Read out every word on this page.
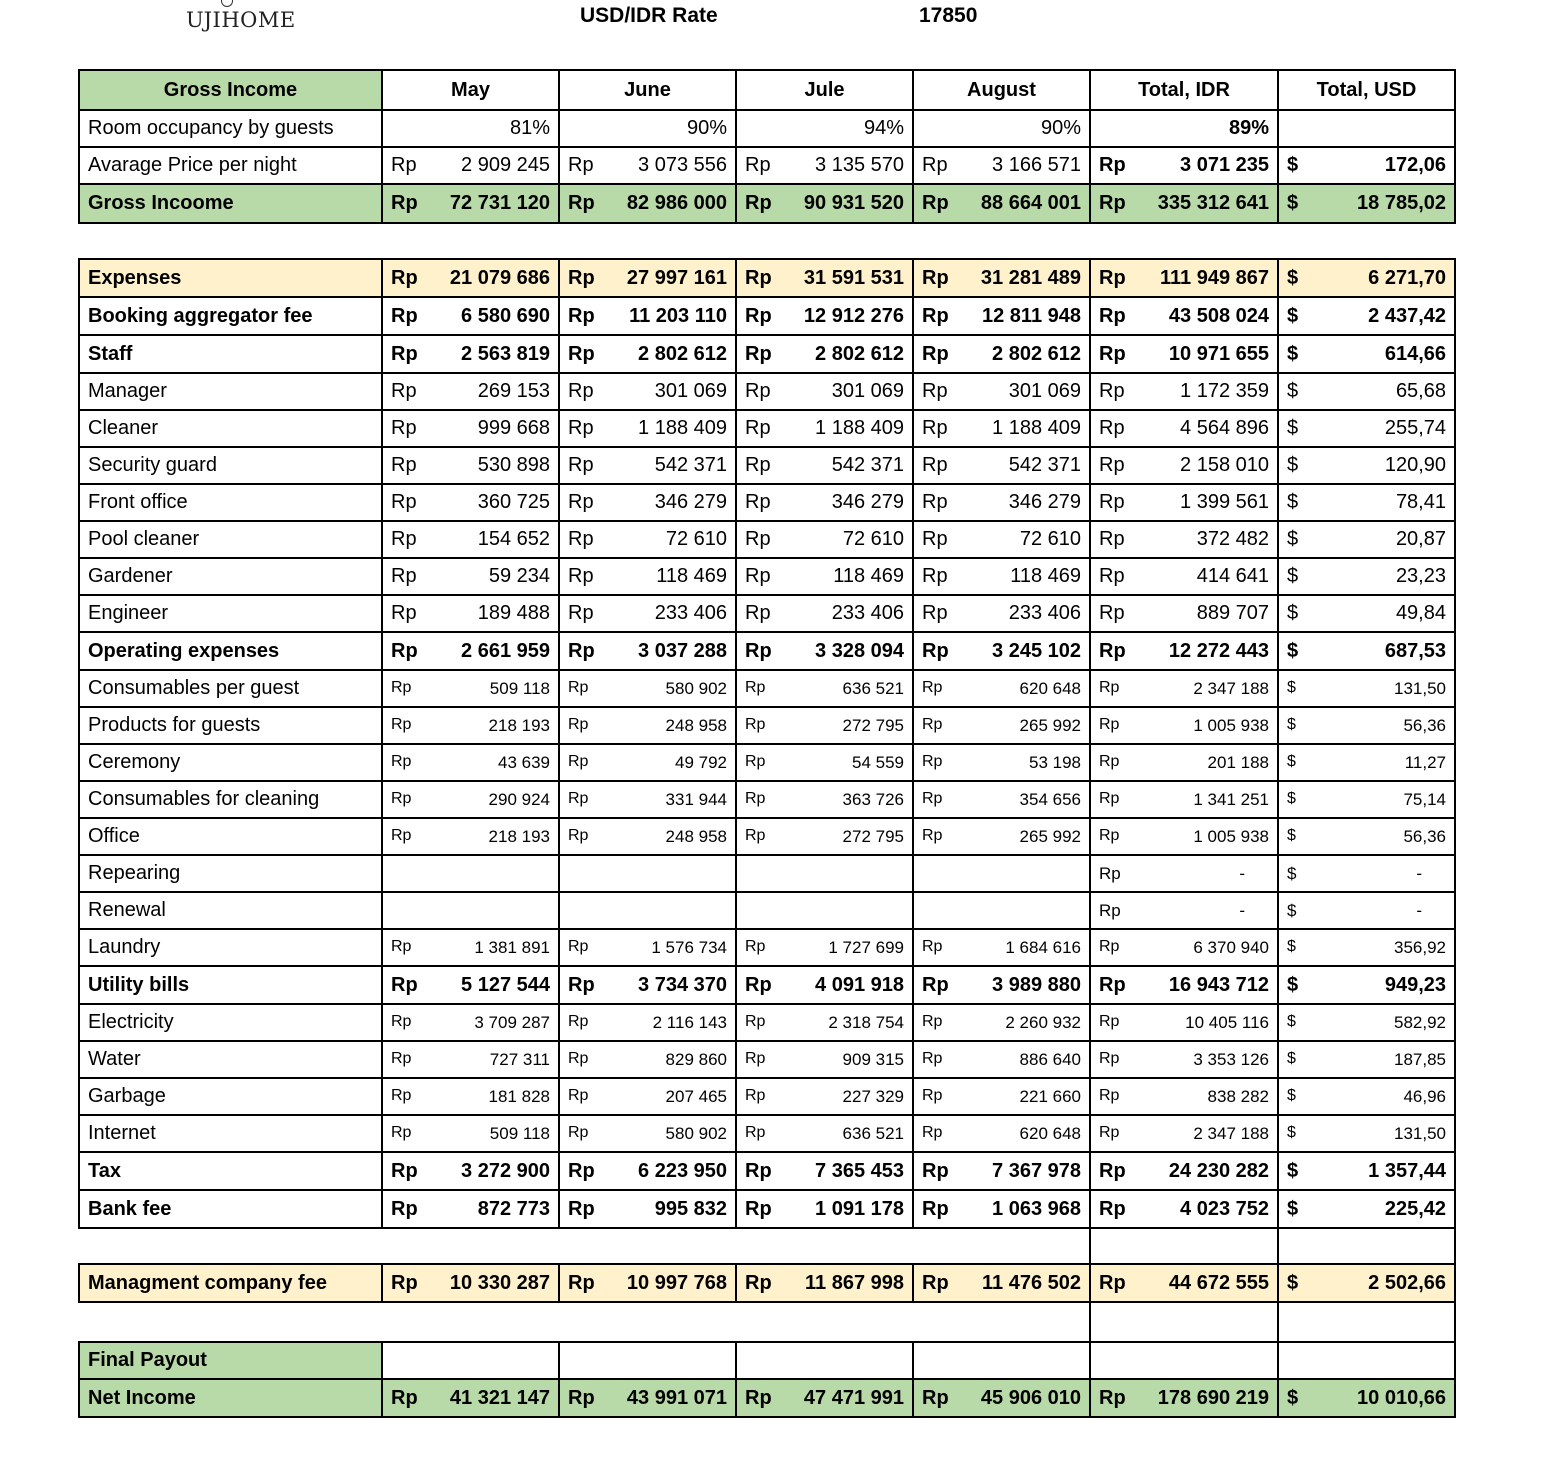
UJIHOME	USD/IDR Rate	17850
Gross Income	May	June	Jule	August	Total, IDR	Total, USD
Room occupancy by guests	81%	90%	94%	90%	89%	
Avarage Price per night	Rp 2 909 245	Rp 3 073 556	Rp 3 135 570	Rp 3 166 571	Rp 3 071 235	$ 172,06

Gross Incoome	Rp 72 731 120	Rp 82 986 000	Rp 90 931 520	Rp 88 664 001	Rp 335 312 641	$ 18 785,02

Expenses	Rp 21 079 686	Rp 27 997 161	Rp 31 591 531	Rp 31 281 489	Rp 111 949 867	$ 6 271,70

Booking aggregator fee	Rp 6 580 690	Rp 11 203 110	Rp 12 912 276	Rp 12 811 948	Rp 43 508 024	$ 2 437,42

Staff	Rp 2 563 819	Rp 2 802 612	Rp 2 802 612	Rp 2 802 612	Rp 10 971 655	$ 614,66

Manager	Rp 269 153	Rp 301 069	Rp 301 069	Rp 301 069	Rp 1 172 359	$ 65,68

Cleaner	Rp 999 668	Rp 1 188 409	Rp 1 188 409	Rp 1 188 409	Rp 4 564 896	$ 255,74

Security guard	Rp 530 898	Rp 542 371	Rp 542 371	Rp 542 371	Rp 2 158 010	$ 120,90

Front office	Rp 360 725	Rp 346 279	Rp 346 279	Rp 346 279	Rp 1 399 561	$ 78,41

Pool cleaner	Rp 154 652	Rp 72 610	Rp 72 610	Rp 72 610	Rp 372 482	$ 20,87

Gardener	Rp 59 234	Rp 118 469	Rp 118 469	Rp 118 469	Rp 414 641	$ 23,23

Engineer	Rp 189 488	Rp 233 406	Rp 233 406	Rp 233 406	Rp 889 707	$ 49,84

Operating expenses	Rp 2 661 959	Rp 3 037 288	Rp 3 328 094	Rp 3 245 102	Rp 12 272 443	$ 687,53

Consumables per guest	Rp 509 118	Rp 580 902	Rp 636 521	Rp 620 648	Rp 2 347 188	$ 131,50

Products for guests	Rp 218 193	Rp 248 958	Rp 272 795	Rp 265 992	Rp 1 005 938	$ 56,36

Ceremony	Rp 43 639	Rp 49 792	Rp 54 559	Rp 53 198	Rp 201 188	$ 11,27

Consumables for cleaning	Rp 290 924	Rp 331 944	Rp 363 726	Rp 354 656	Rp 1 341 251	$ 75,14

Office	Rp 218 193	Rp 248 958	Rp 272 795	Rp 265 992	Rp 1 005 938	$ 56,36

Repearing					Rp -	$ -

Renewal					Rp -	$ -

Laundry	Rp 1 381 891	Rp 1 576 734	Rp 1 727 699	Rp 1 684 616	Rp 6 370 940	$ 356,92

Utility bills	Rp 5 127 544	Rp 3 734 370	Rp 4 091 918	Rp 3 989 880	Rp 16 943 712	$ 949,23

Electricity	Rp 3 709 287	Rp 2 116 143	Rp 2 318 754	Rp 2 260 932	Rp 10 405 116	$ 582,92

Water	Rp 727 311	Rp 829 860	Rp 909 315	Rp 886 640	Rp 3 353 126	$ 187,85

Garbage	Rp 181 828	Rp 207 465	Rp 227 329	Rp 221 660	Rp 838 282	$ 46,96

Internet	Rp 509 118	Rp 580 902	Rp 636 521	Rp 620 648	Rp 2 347 188	$ 131,50

Tax	Rp 3 272 900	Rp 6 223 950	Rp 7 365 453	Rp 7 367 978	Rp 24 230 282	$ 1 357,44

Bank fee	Rp 872 773	Rp 995 832	Rp 1 091 178	Rp 1 063 968	Rp 4 023 752	$ 225,42

Managment company fee	Rp 10 330 287	Rp 10 997 768	Rp 11 867 998	Rp 11 476 502	Rp 44 672 555	$ 2 502,66

Final Payout						
Net Income	Rp 41 321 147	Rp 43 991 071	Rp 47 471 991	Rp 45 906 010	Rp 178 690 219	$ 10 010,66
